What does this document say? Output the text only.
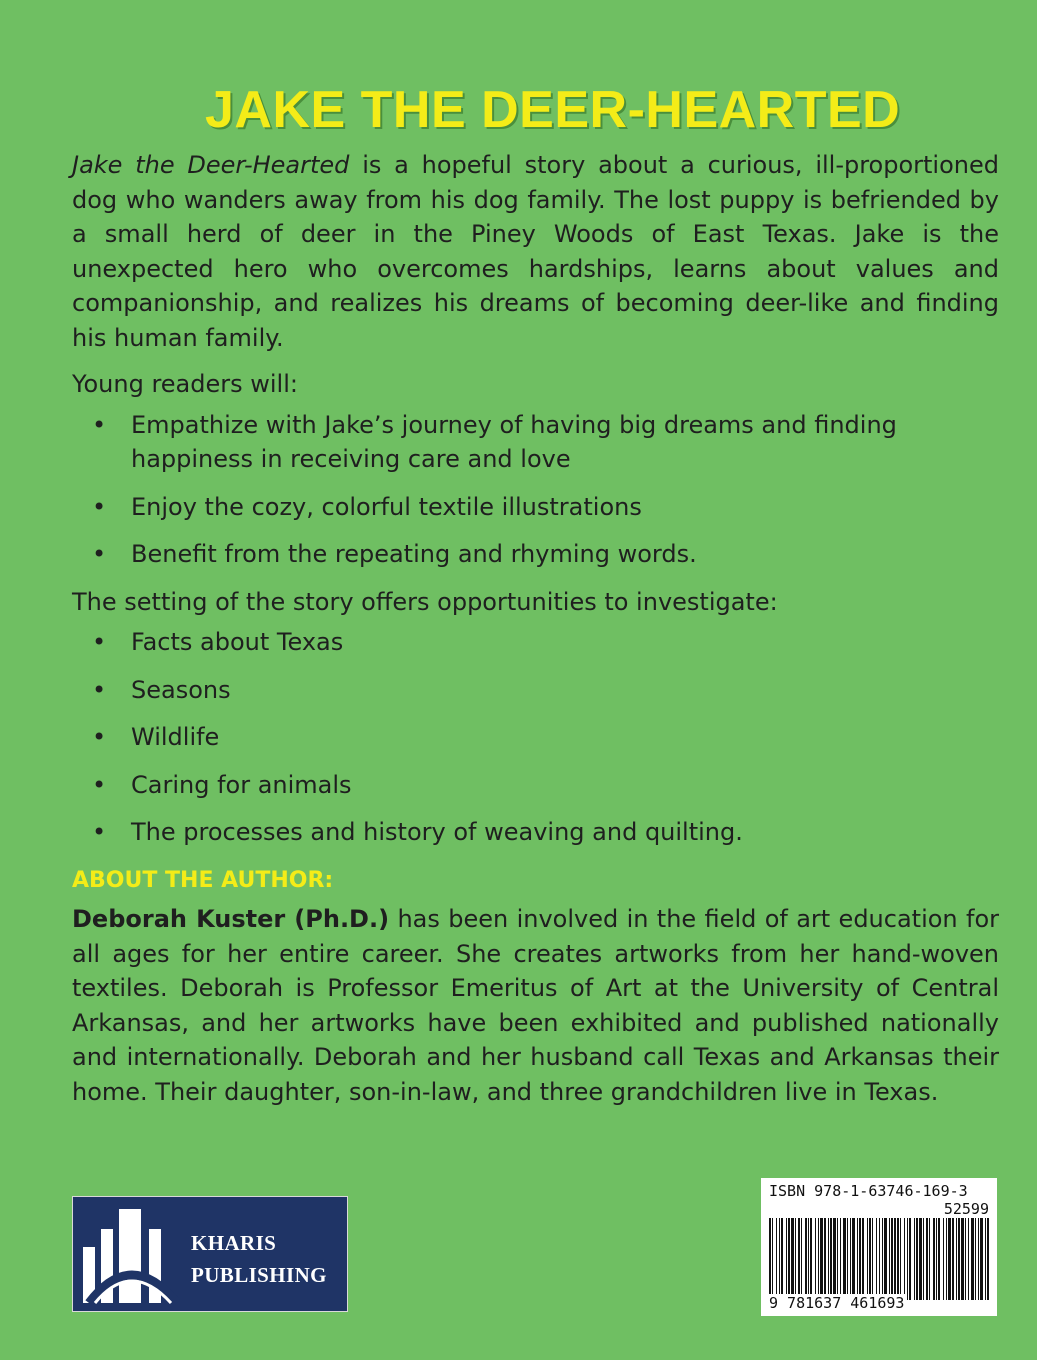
JAKE THE DEER-HEARTED

Jake the Deer-Hearted is a hopeful story about a curious, ill-proportioned dog who wanders away from his dog family. The lost puppy is befriended by a small herd of deer in the Piney Woods of East Texas. Jake is the unexpected hero who overcomes hardships, learns about values and companionship, and realizes his dreams of becoming deer-like and finding his human family.

Young readers will:

• Empathize with Jake’s journey of having big dreams and finding happiness in receiving care and love
• Enjoy the cozy, colorful textile illustrations
• Benefit from the repeating and rhyming words.

The setting of the story offers opportunities to investigate:

• Facts about Texas
• Seasons
• Wildlife
• Caring for animals
• The processes and history of weaving and quilting.

ABOUT THE AUTHOR:

Deborah Kuster (Ph.D.) has been involved in the field of art education for all ages for her entire career. She creates artworks from her hand-woven textiles. Deborah is Professor Emeritus of Art at the University of Central Arkansas, and her artworks have been exhibited and published nationally and internationally. Deborah and her husband call Texas and Arkansas their home. Their daughter, son-in-law, and three grandchildren live in Texas.

KHARIS
PUBLISHING
ISBN 978-1-63746-169-3
52599
9 781637 461693
